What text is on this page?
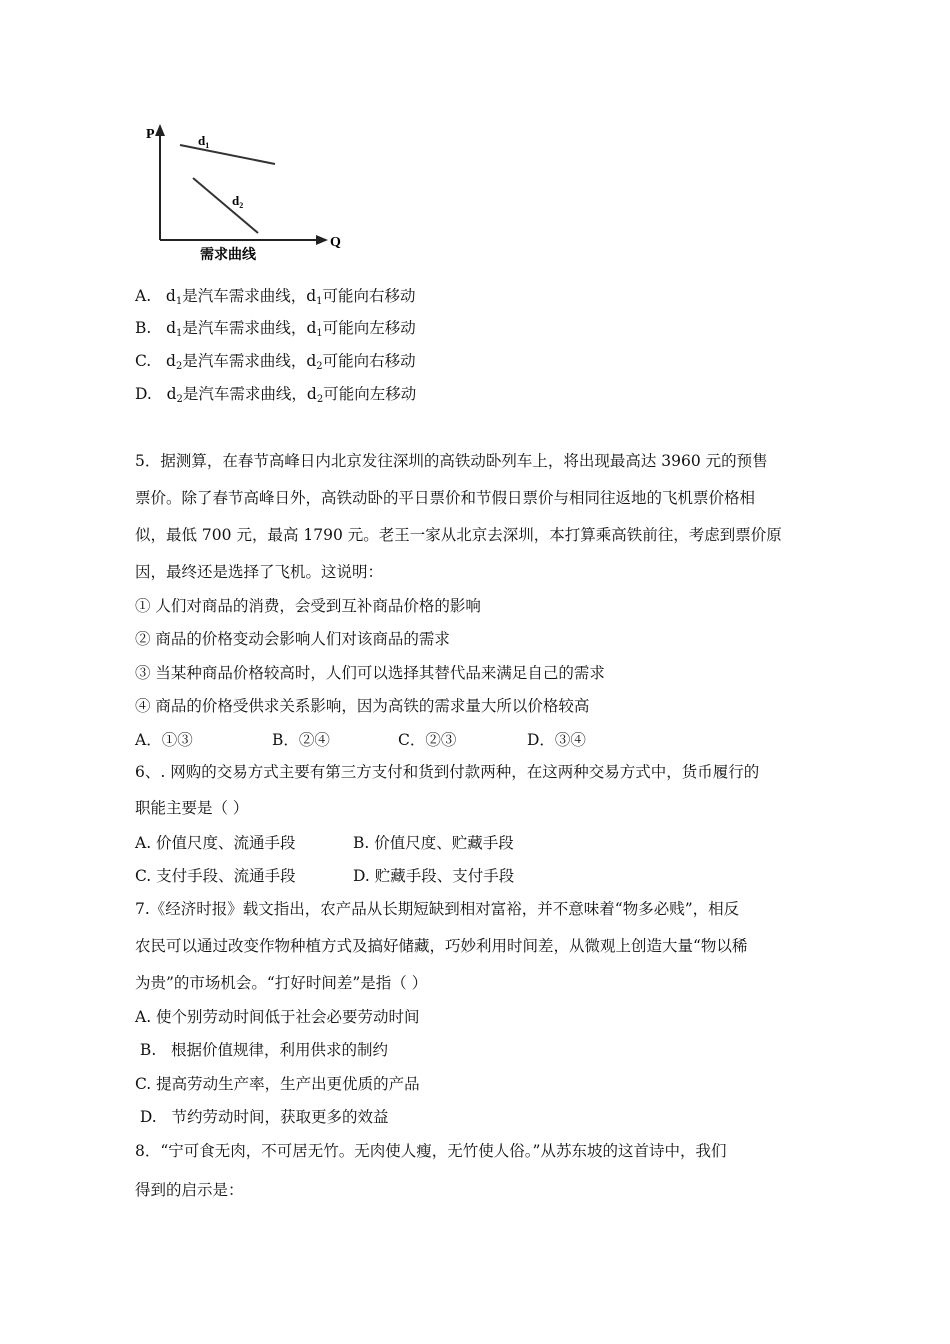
P
Q
$d_1$
$d_2$
需求曲线
A. $d_1$是汽车需求曲线，$d_1$可能向右移动
B. $d_1$是汽车需求曲线，$d_1$可能向左移动
C. $d_2$是汽车需求曲线，$d_2$可能向右移动
D. $d_2$是汽车需求曲线，$d_2$可能向左移动
5．据测算，在春节高峰日内北京发往深圳的高铁动卧列车上，将出现最高达 3960 元的预售
票价。除了春节高峰日外，高铁动卧的平日票价和节假日票价与相同往返地的飞机票价格相
似，最低 700 元，最高 1790 元。老王一家从北京去深圳，本打算乘高铁前往，考虑到票价原
因，最终还是选择了飞机。这说明：
① 人们对商品的消费，会受到互补商品价格的影响
② 商品的价格变动会影响人们对该商品的需求
③ 当某种商品价格较高时，人们可以选择其替代品来满足自己的需求
④ 商品的价格受供求关系影响，因为高铁的需求量大所以价格较高
A．①③	B．②④	C．②③	D．③④
6、. 网购的交易方式主要有第三方支付和货到付款两种，在这两种交易方式中，货币履行的
职能主要是（ ）
A. 价值尺度、流通手段	B. 价值尺度、贮藏手段
C. 支付手段、流通手段	D. 贮藏手段、支付手段
7.《经济时报》载文指出，农产品从长期短缺到相对富裕，并不意味着“物多必贱”，相反
农民可以通过改变作物种植方式及搞好储藏，巧妙利用时间差，从微观上创造大量“物以稀
为贵”的市场机会。“打好时间差”是指（ ）
A. 使个别劳动时间低于社会必要劳动时间
B.   根据价值规律，利用供求的制约
C. 提高劳动生产率，生产出更优质的产品
D.   节约劳动时间，获取更多的效益
8．“宁可食无肉，不可居无竹。无肉使人瘦，无竹使人俗。”从苏东坡的这首诗中，我们
得到的启示是：
